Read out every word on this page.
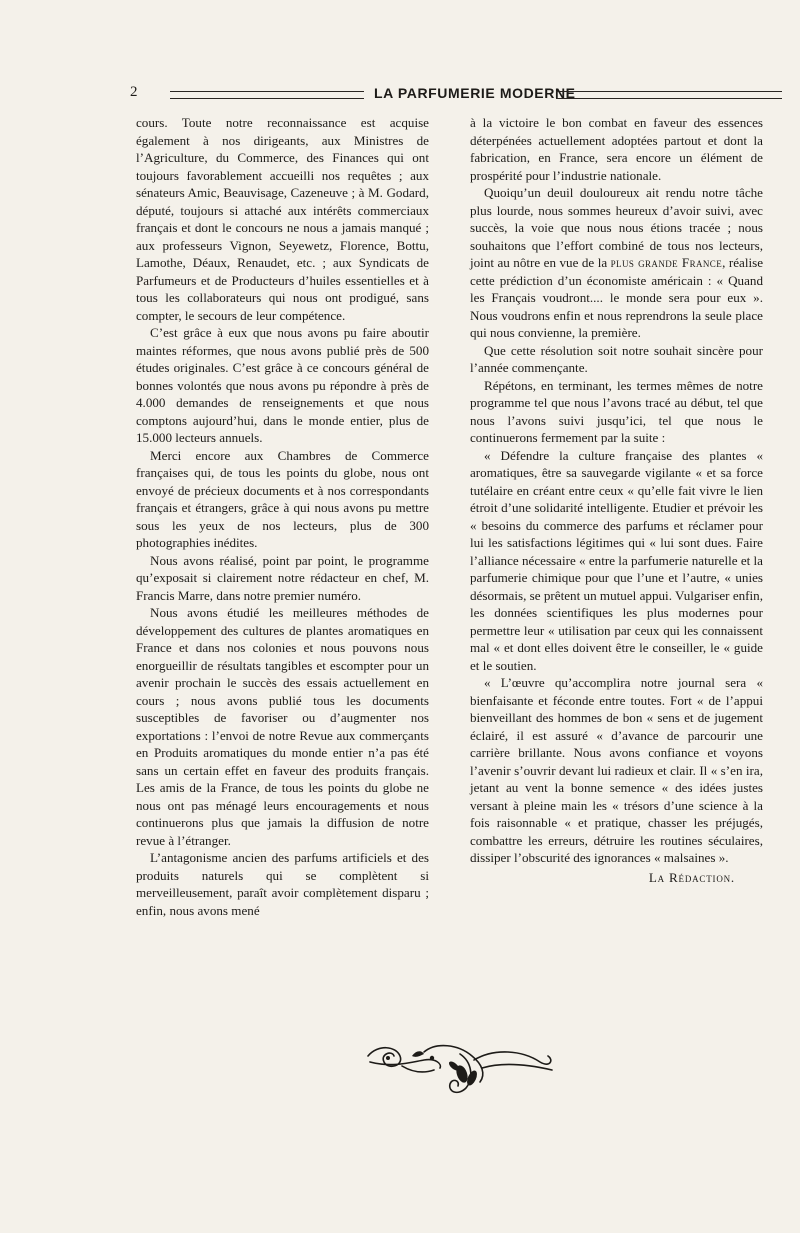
2	LA PARFUMERIE MODERNE

cours. Toute notre reconnaissance est acquise également à nos dirigeants, aux Ministres de l’Agriculture, du Commerce, des Finances qui ont toujours favorablement accueilli nos requêtes ; aux sénateurs Amic, Beauvisage, Cazeneuve ; à M. Godard, député, toujours si attaché aux intérêts commerciaux français et dont le concours ne nous a jamais manqué ; aux professeurs Vignon, Seyewetz, Florence, Bottu, Lamothe, Déaux, Renaudet, etc. ; aux Syndicats de Parfumeurs et de Producteurs d’huiles essentielles et à tous les collaborateurs qui nous ont prodigué, sans compter, le secours de leur compétence.

C’est grâce à eux que nous avons pu faire aboutir maintes réformes, que nous avons publié près de 500 études originales. C’est grâce à ce concours général de bonnes volontés que nous avons pu répondre à près de 4.000 demandes de renseignements et que nous comptons aujourd’hui, dans le monde entier, plus de 15.000 lecteurs annuels.

Merci encore aux Chambres de Commerce françaises qui, de tous les points du globe, nous ont envoyé de précieux documents et à nos correspondants français et étrangers, grâce à qui nous avons pu mettre sous les yeux de nos lecteurs, plus de 300 photographies inédites.

Nous avons réalisé, point par point, le programme qu’exposait si clairement notre rédacteur en chef, M. Francis Marre, dans notre premier numéro.

Nous avons étudié les meilleures méthodes de développement des cultures de plantes aromatiques en France et dans nos colonies et nous pouvons nous enorgueillir de résultats tangibles et escompter pour un avenir prochain le succès des essais actuellement en cours ; nous avons publié tous les documents susceptibles de favoriser ou d’augmenter nos exportations : l’envoi de notre Revue aux commerçants en Produits aromatiques du monde entier n’a pas été sans un certain effet en faveur des produits français. Les amis de la France, de tous les points du globe ne nous ont pas ménagé leurs encouragements et nous continuerons plus que jamais la diffusion de notre revue à l’étranger.

L’antagonisme ancien des parfums artificiels et des produits naturels qui se complètent si merveilleusement, paraît avoir complètement disparu ; enfin, nous avons mené

à la victoire le bon combat en faveur des essences déterpénées actuellement adoptées partout et dont la fabrication, en France, sera encore un élément de prospérité pour l’industrie nationale.

Quoiqu’un deuil douloureux ait rendu notre tâche plus lourde, nous sommes heureux d’avoir suivi, avec succès, la voie que nous nous étions tracée ; nous souhaitons que l’effort combiné de tous nos lecteurs, joint au nôtre en vue de la plus grande France, réalise cette prédiction d’un économiste américain : « Quand les Français voudront.... le monde sera pour eux ». Nous voudrons enfin et nous reprendrons la seule place qui nous convienne, la première.

Que cette résolution soit notre souhait sincère pour l’année commençante.

Répétons, en terminant, les termes mêmes de notre programme tel que nous l’avons tracé au début, tel que nous l’avons suivi jusqu’ici, tel que nous le continuerons fermement par la suite :

« Défendre la culture française des plantes « aromatiques, être sa sauvegarde vigilante « et sa force tutélaire en créant entre ceux « qu’elle fait vivre le lien étroit d’une solidarité intelligente. Etudier et prévoir les « besoins du commerce des parfums et réclamer pour lui les satisfactions légitimes qui « lui sont dues. Faire l’alliance nécessaire « entre la parfumerie naturelle et la parfumerie chimique pour que l’une et l’autre, « unies désormais, se prêtent un mutuel appui. Vulgariser enfin, les données scientifiques les plus modernes pour permettre leur « utilisation par ceux qui les connaissent mal « et dont elles doivent être le conseiller, le « guide et le soutien.

« L’œuvre qu’accomplira notre journal sera « bienfaisante et féconde entre toutes. Fort « de l’appui bienveillant des hommes de bon « sens et de jugement éclairé, il est assuré « d’avance de parcourir une carrière brillante. Nous avons confiance et voyons l’avenir s’ouvrir devant lui radieux et clair. Il « s’en ira, jetant au vent la bonne semence « des idées justes versant à pleine main les « trésors d’une science à la fois raisonnable « et pratique, chasser les préjugés, combattre les erreurs, détruire les routines séculaires, dissiper l’obscurité des ignorances « malsaines ».

La Rédaction.
